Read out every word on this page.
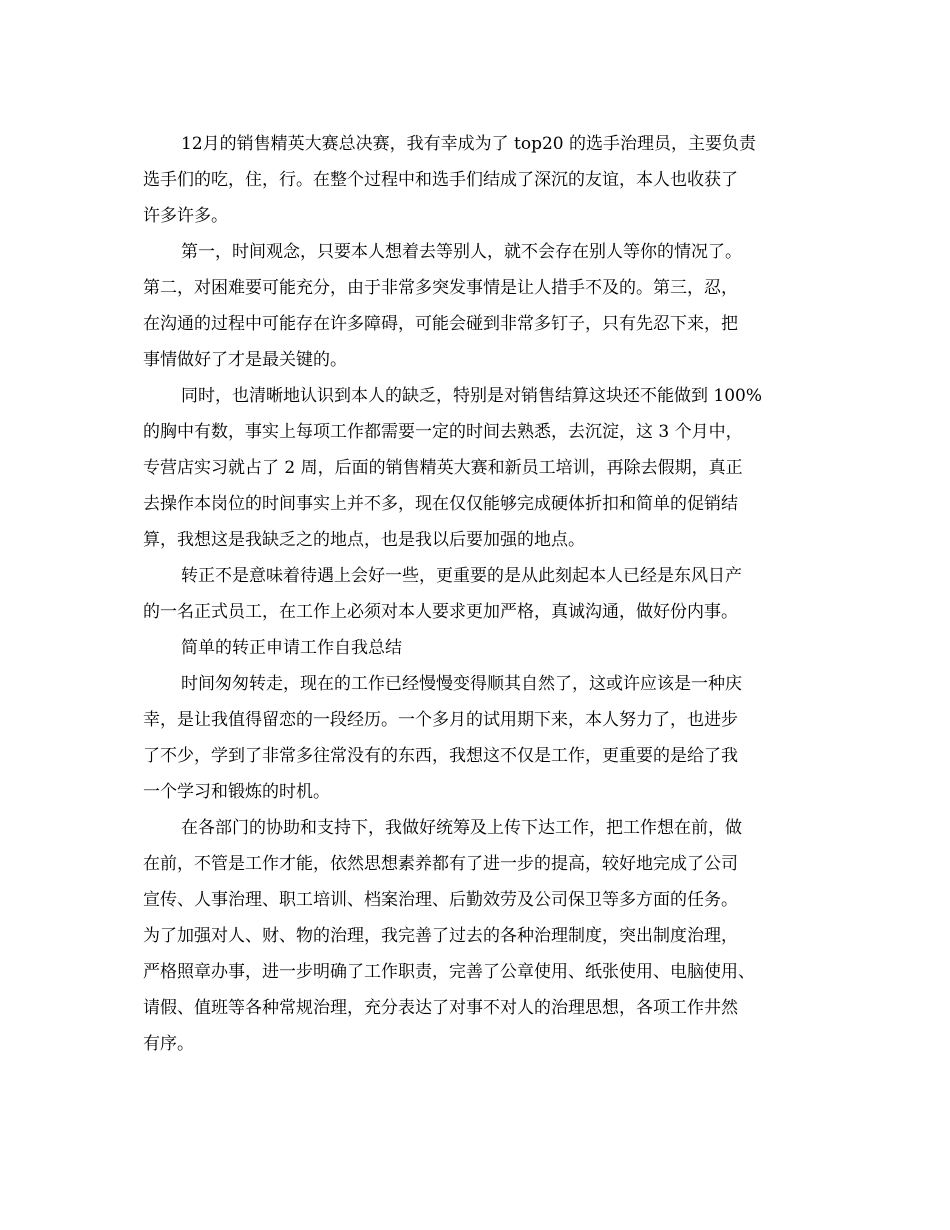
12月的销售精英大赛总决赛，我有幸成为了 top20 的选手治理员，主要负责
选手们的吃，住，行。在整个过程中和选手们结成了深沉的友谊，本人也收获了
许多许多。
第一，时间观念，只要本人想着去等别人，就不会存在别人等你的情况了。
第二，对困难要可能充分，由于非常多突发事情是让人措手不及的。第三，忍，
在沟通的过程中可能存在许多障碍，可能会碰到非常多钉子，只有先忍下来，把
事情做好了才是最关键的。
同时，也清晰地认识到本人的缺乏，特别是对销售结算这块还不能做到 100%
的胸中有数，事实上每项工作都需要一定的时间去熟悉，去沉淀，这 3 个月中，
专营店实习就占了 2 周，后面的销售精英大赛和新员工培训，再除去假期，真正
去操作本岗位的时间事实上并不多，现在仅仅能够完成硬体折扣和简单的促销结
算，我想这是我缺乏之的地点，也是我以后要加强的地点。
转正不是意味着待遇上会好一些，更重要的是从此刻起本人已经是东风日产
的一名正式员工，在工作上必须对本人要求更加严格，真诚沟通，做好份内事。
简单的转正申请工作自我总结
时间匆匆转走，现在的工作已经慢慢变得顺其自然了，这或许应该是一种庆
幸，是让我值得留恋的一段经历。一个多月的试用期下来，本人努力了，也进步
了不少，学到了非常多往常没有的东西，我想这不仅是工作，更重要的是给了我
一个学习和锻炼的时机。
在各部门的协助和支持下，我做好统筹及上传下达工作，把工作想在前，做
在前，不管是工作才能，依然思想素养都有了进一步的提高，较好地完成了公司
宣传、人事治理、职工培训、档案治理、后勤效劳及公司保卫等多方面的任务。
为了加强对人、财、物的治理，我完善了过去的各种治理制度，突出制度治理，
严格照章办事，进一步明确了工作职责，完善了公章使用、纸张使用、电脑使用、
请假、值班等各种常规治理，充分表达了对事不对人的治理思想，各项工作井然
有序。
